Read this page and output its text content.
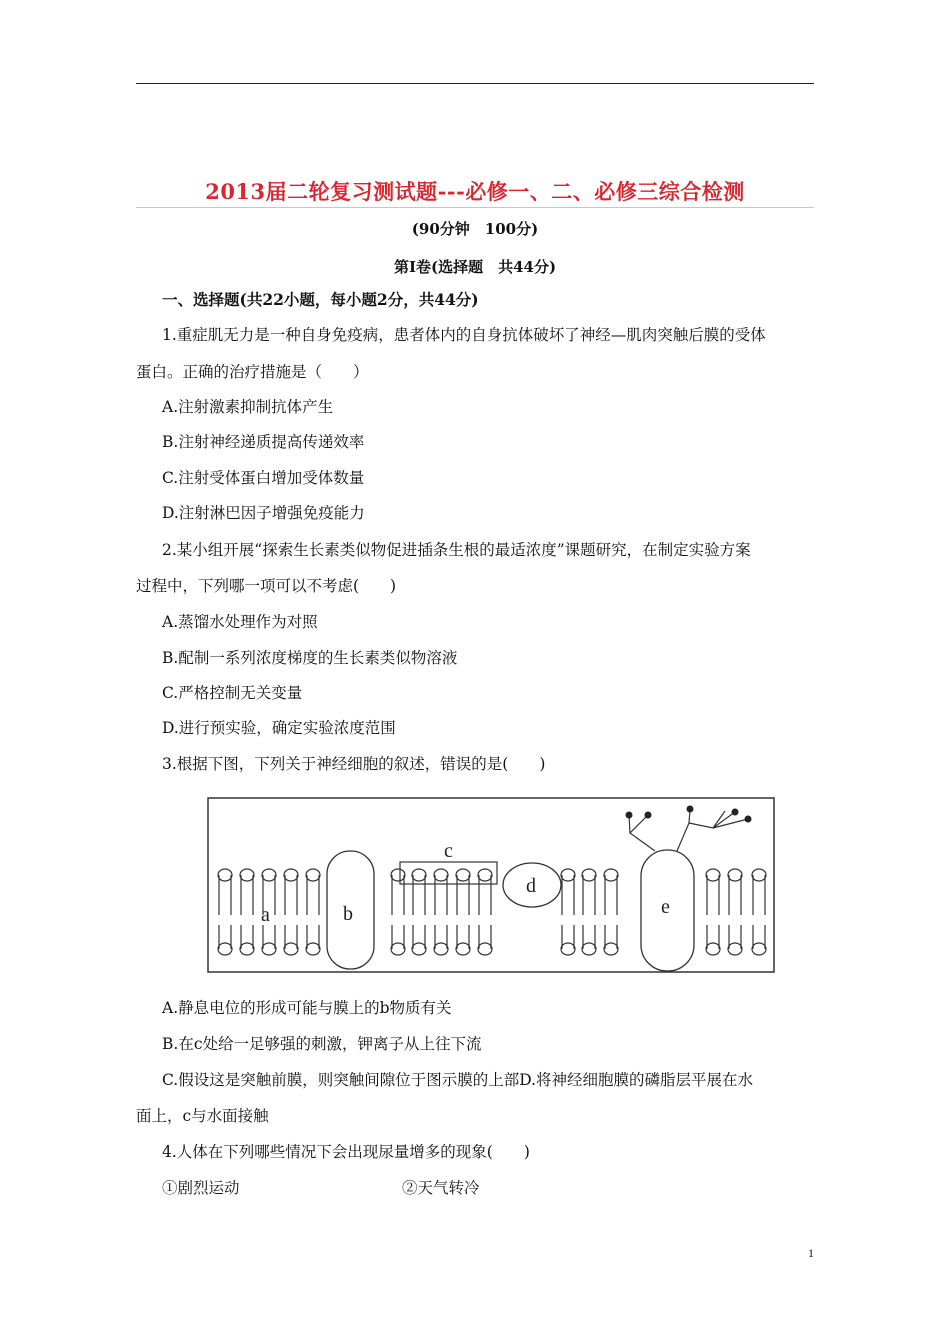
2013届二轮复习测试题---必修一、二、必修三综合检测
(90分钟　100分)
第Ⅰ卷(选择题　共44分)
一、选择题(共22小题，每小题2分，共44分)
1.重症肌无力是一种自身免疫病，患者体内的自身抗体破坏了神经—肌肉突触后膜的受体
蛋白。正确的治疗措施是（　　）
A.注射激素抑制抗体产生
B.注射神经递质提高传递效率
C.注射受体蛋白增加受体数量
D.注射淋巴因子增强免疫能力
2.某小组开展“探索生长素类似物促进插条生根的最适浓度”课题研究，在制定实验方案
过程中，下列哪一项可以不考虑(　　)
A.蒸馏水处理作为对照
B.配制一系列浓度梯度的生长素类似物溶液
C.严格控制无关变量
D.进行预实验，确定实验浓度范围
3.根据下图，下列关于神经细胞的叙述，错误的是(　　)
a	b
c
d
e
A.静息电位的形成可能与膜上的b物质有关
B.在c处给一足够强的刺激，钾离子从上往下流
C.假设这是突触前膜，则突触间隙位于图示膜的上部D.将神经细胞膜的磷脂层平展在水
面上，c与水面接触
4.人体在下列哪些情况下会出现尿量增多的现象(　　)
①剧烈运动	②天气转冷
1
